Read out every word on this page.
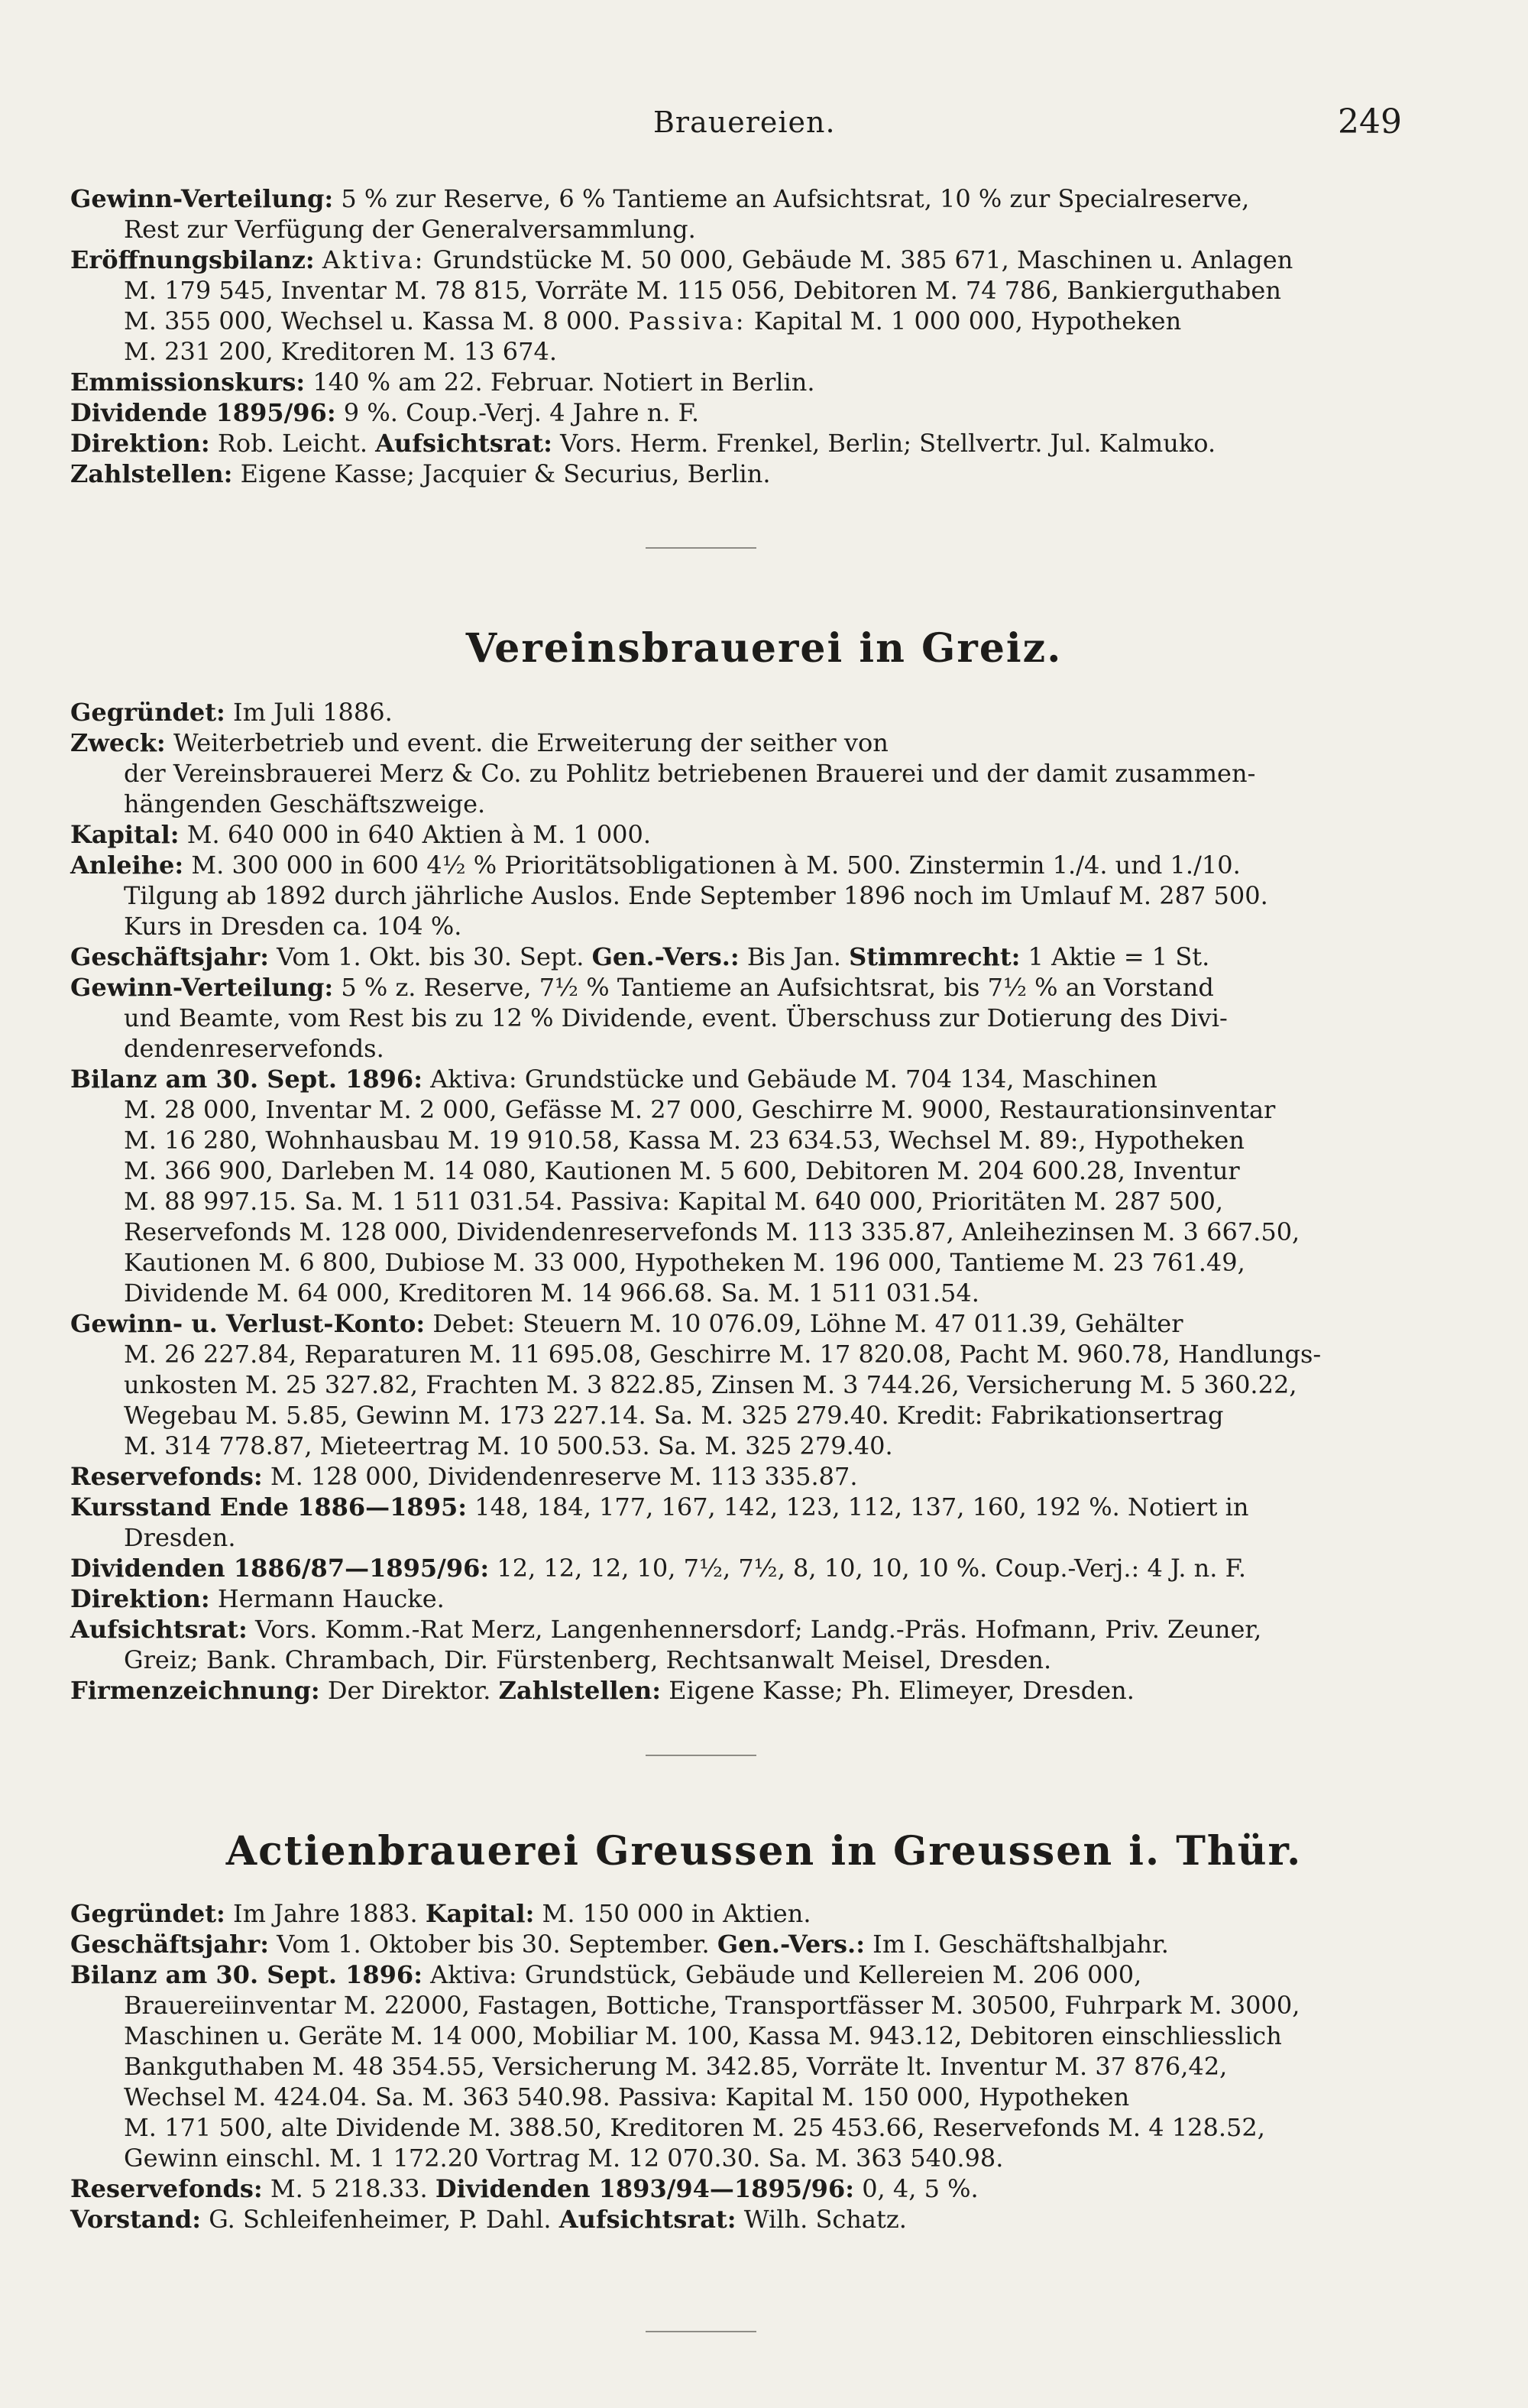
Brauereien.	249

Gewinn-Verteilung: 5 % zur Reserve, 6 % Tantieme an Aufsichtsrat, 10 % zur Specialreserve,

Rest zur Verfügung der Generalversammlung.

Eröffnungsbilanz: Aktiva: Grundstücke M. 50 000, Gebäude M. 385 671, Maschinen u. Anlagen

M. 179 545, Inventar M. 78 815, Vorräte M. 115 056, Debitoren M. 74 786, Bankierguthaben

M. 355 000, Wechsel u. Kassa M. 8 000. Passiva: Kapital M. 1 000 000, Hypotheken

M. 231 200, Kreditoren M. 13 674.

Emmissionskurs: 140 % am 22. Februar. Notiert in Berlin.

Dividende 1895/96: 9 %. Coup.-Verj. 4 Jahre n. F.

Direktion: Rob. Leicht. Aufsichtsrat: Vors. Herm. Frenkel, Berlin; Stellvertr. Jul. Kalmuko.

Zahlstellen: Eigene Kasse; Jacquier & Securius, Berlin.

Vereinsbrauerei in Greiz.

Gegründet: Im Juli 1886.

Zweck: Weiterbetrieb und event. die Erweiterung der seither von

der Vereinsbrauerei Merz & Co. zu Pohlitz betriebenen Brauerei und der damit zusammen-

hängenden Geschäftszweige.

Kapital: M. 640 000 in 640 Aktien à M. 1 000.

Anleihe: M. 300 000 in 600 4½ % Prioritätsobligationen à M. 500. Zinstermin 1./4. und 1./10.

Tilgung ab 1892 durch jährliche Auslos. Ende September 1896 noch im Umlauf M. 287 500.

Kurs in Dresden ca. 104 %.

Geschäftsjahr: Vom 1. Okt. bis 30. Sept. Gen.-Vers.: Bis Jan. Stimmrecht: 1 Aktie = 1 St.

Gewinn-Verteilung: 5 % z. Reserve, 7½ % Tantieme an Aufsichtsrat, bis 7½ % an Vorstand

und Beamte, vom Rest bis zu 12 % Dividende, event. Überschuss zur Dotierung des Divi-

dendenreservefonds.

Bilanz am 30. Sept. 1896: Aktiva: Grundstücke und Gebäude M. 704 134, Maschinen

M. 28 000, Inventar M. 2 000, Gefässe M. 27 000, Geschirre M. 9000, Restaurationsinventar

M. 16 280, Wohnhausbau M. 19 910.58, Kassa M. 23 634.53, Wechsel M. 89:, Hypotheken

M. 366 900, Darleben M. 14 080, Kautionen M. 5 600, Debitoren M. 204 600.28, Inventur

M. 88 997.15. Sa. M. 1 511 031.54. Passiva: Kapital M. 640 000, Prioritäten M. 287 500,

Reservefonds M. 128 000, Dividendenreservefonds M. 113 335.87, Anleihezinsen M. 3 667.50,

Kautionen M. 6 800, Dubiose M. 33 000, Hypotheken M. 196 000, Tantieme M. 23 761.49,

Dividende M. 64 000, Kreditoren M. 14 966.68. Sa. M. 1 511 031.54.

Gewinn- u. Verlust-Konto: Debet: Steuern M. 10 076.09, Löhne M. 47 011.39, Gehälter

M. 26 227.84, Reparaturen M. 11 695.08, Geschirre M. 17 820.08, Pacht M. 960.78, Handlungs-

unkosten M. 25 327.82, Frachten M. 3 822.85, Zinsen M. 3 744.26, Versicherung M. 5 360.22,

Wegebau M. 5.85, Gewinn M. 173 227.14. Sa. M. 325 279.40. Kredit: Fabrikationsertrag

M. 314 778.87, Mieteertrag M. 10 500.53. Sa. M. 325 279.40.

Reservefonds: M. 128 000, Dividendenreserve M. 113 335.87.

Kursstand Ende 1886—1895: 148, 184, 177, 167, 142, 123, 112, 137, 160, 192 %. Notiert in

Dresden.

Dividenden 1886/87—1895/96: 12, 12, 12, 10, 7½, 7½, 8, 10, 10, 10 %. Coup.-Verj.: 4 J. n. F.

Direktion: Hermann Haucke.

Aufsichtsrat: Vors. Komm.-Rat Merz, Langenhennersdorf; Landg.-Präs. Hofmann, Priv. Zeuner,

Greiz; Bank. Chrambach, Dir. Fürstenberg, Rechtsanwalt Meisel, Dresden.

Firmenzeichnung: Der Direktor. Zahlstellen: Eigene Kasse; Ph. Elimeyer, Dresden.

Actienbrauerei Greussen in Greussen i. Thür.

Gegründet: Im Jahre 1883. Kapital: M. 150 000 in Aktien.

Geschäftsjahr: Vom 1. Oktober bis 30. September. Gen.-Vers.: Im I. Geschäftshalbjahr.

Bilanz am 30. Sept. 1896: Aktiva: Grundstück, Gebäude und Kellereien M. 206 000,

Brauereiinventar M. 22000, Fastagen, Bottiche, Transportfässer M. 30500, Fuhrpark M. 3000,

Maschinen u. Geräte M. 14 000, Mobiliar M. 100, Kassa M. 943.12, Debitoren einschliesslich

Bankguthaben M. 48 354.55, Versicherung M. 342.85, Vorräte lt. Inventur M. 37 876,42,

Wechsel M. 424.04. Sa. M. 363 540.98. Passiva: Kapital M. 150 000, Hypotheken

M. 171 500, alte Dividende M. 388.50, Kreditoren M. 25 453.66, Reservefonds M. 4 128.52,

Gewinn einschl. M. 1 172.20 Vortrag M. 12 070.30. Sa. M. 363 540.98.

Reservefonds: M. 5 218.33. Dividenden 1893/94—1895/96: 0, 4, 5 %.

Vorstand: G. Schleifenheimer, P. Dahl. Aufsichtsrat: Wilh. Schatz.
